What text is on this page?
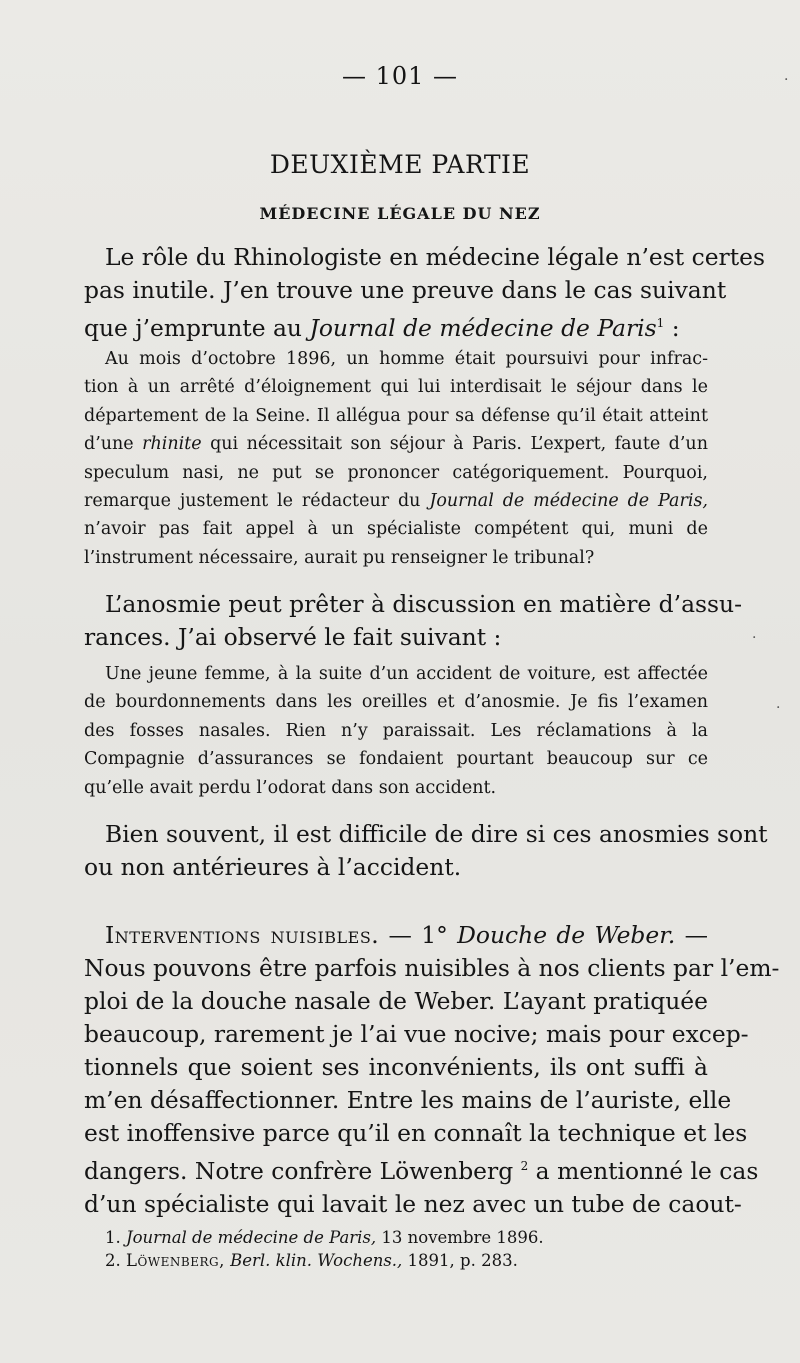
— 101 —
DEUXIÈME PARTIE
MÉDECINE LÉGALE DU NEZ
Le rôle du Rhinologiste en médecine légale n’est certes
pas inutile. J’en trouve une preuve dans le cas suivant
que j’emprunte au Journal de médecine de Paris$^1$ :
Au mois d’octobre 1896, un homme était poursuivi pour infrac-
tion à un arrêté d’éloignement qui lui interdisait le séjour dans le
département de la Seine. Il allégua pour sa défense qu’il était atteint
d’une rhinite qui nécessitait son séjour à Paris. L’expert, faute d’un
speculum nasi, ne put se prononcer catégoriquement. Pourquoi,
remarque justement le rédacteur du Journal de médecine de Paris,
n’avoir pas fait appel à un spécialiste compétent qui, muni de
l’instrument nécessaire, aurait pu renseigner le tribunal?
L’anosmie peut prêter à discussion en matière d’assu-
rances. J’ai observé le fait suivant :
Une jeune femme, à la suite d’un accident de voiture, est affectée
de bourdonnements dans les oreilles et d’anosmie. Je fis l’examen
des fosses nasales. Rien n’y paraissait. Les réclamations à la
Compagnie d’assurances se fondaient pourtant beaucoup sur ce
qu’elle avait perdu l’odorat dans son accident.
Bien souvent, il est difficile de dire si ces anosmies sont
ou non antérieures à l’accident.
Interventions nuisibles. — 1° Douche de Weber. —
Nous pouvons être parfois nuisibles à nos clients par l’em-
ploi de la douche nasale de Weber. L’ayant pratiquée
beaucoup, rarement je l’ai vue nocive; mais pour excep-
tionnels que soient ses inconvénients, ils ont suffi à
m’en désaffectionner. Entre les mains de l’auriste, elle
est inoffensive parce qu’il en connaît la technique et les
dangers. Notre confrère Löwenberg $^2$ a mentionné le cas
d’un spécialiste qui lavait le nez avec un tube de caout-
1. Journal de médecine de Paris, 13 novembre 1896.
2. Löwenberg, Berl. klin. Wochens., 1891, p. 283.
·
·
·
